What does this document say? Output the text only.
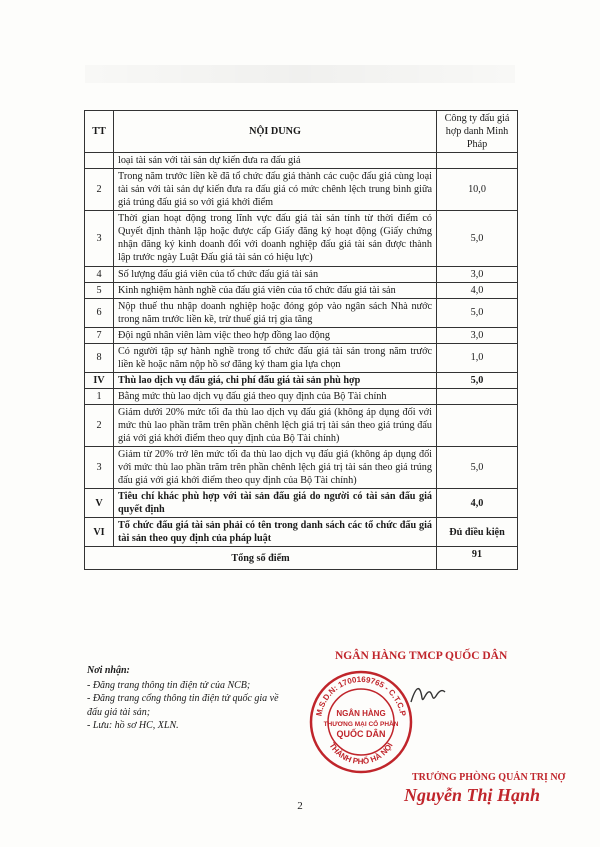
TT	NỘI DUNG	Công ty đấu giá hợp danh Minh Pháp
	loại tài sản với tài sản dự kiến đưa ra đấu giá	
2	Trong năm trước liền kề đã tổ chức đấu giá thành các cuộc đấu giá cùng loại tài sản với tài sản dự kiến đưa ra đấu giá có mức chênh lệch trung bình giữa giá trúng đấu giá so với giá khởi điểm	10,0
3	Thời gian hoạt động trong lĩnh vực đấu giá tài sản tính từ thời điểm có Quyết định thành lập hoặc được cấp Giấy đăng ký hoạt động (Giấy chứng nhận đăng ký kinh doanh đối với doanh nghiệp đấu giá tài sản được thành lập trước ngày Luật Đấu giá tài sản có hiệu lực)	5,0
4	Số lượng đấu giá viên của tổ chức đấu giá tài sản	3,0
5	Kinh nghiệm hành nghề của đấu giá viên của tổ chức đấu giá tài sản	4,0
6	Nộp thuế thu nhập doanh nghiệp hoặc đóng góp vào ngân sách Nhà nước trong năm trước liền kề, trừ thuế giá trị gia tăng	5,0
7	Đội ngũ nhân viên làm việc theo hợp đồng lao động	3,0
8	Có người tập sự hành nghề trong tổ chức đấu giá tài sản trong năm trước liền kề hoặc năm nộp hồ sơ đăng ký tham gia lựa chọn	1,0
IV	Thù lao dịch vụ đấu giá, chi phí đấu giá tài sản phù hợp	5,0
1	Bằng mức thù lao dịch vụ đấu giá theo quy định của Bộ Tài chính	
2	Giảm dưới 20% mức tối đa thù lao dịch vụ đấu giá (không áp dụng đối với mức thù lao phần trăm trên phần chênh lệch giá trị tài sản theo giá trúng đấu giá với giá khởi điểm theo quy định của Bộ Tài chính)	
3	Giảm từ 20% trở lên mức tối đa thù lao dịch vụ đấu giá (không áp dụng đối với mức thù lao phần trăm trên phần chênh lệch giá trị tài sản theo giá trúng đấu giá với giá khởi điểm theo quy định của Bộ Tài chính)	5,0
V	Tiêu chí khác phù hợp với tài sản đấu giá do người có tài sản đấu giá quyết định	4,0
VI	Tổ chức đấu giá tài sản phải có tên trong danh sách các tổ chức đấu giá tài sản theo quy định của pháp luật	Đủ điều kiện
Tổng số điểm		91
Nơi nhận:
- Đăng trang thông tin điện tử của NCB;
- Đăng trang cổng thông tin điện tử quốc gia về đấu giá tài sản;
- Lưu: hồ sơ HC, XLN.
NGÂN HÀNG TMCP QUỐC DÂN
M.S.D.N: 1700169765 - C.T.C.P
THÀNH PHỐ HÀ NỘI
NGÂN HÀNG
THƯƠNG MẠI CỔ PHẦN
QUỐC DÂN
TRƯỞNG PHÒNG QUẢN TRỊ NỢ
Nguyễn Thị Hạnh
2
